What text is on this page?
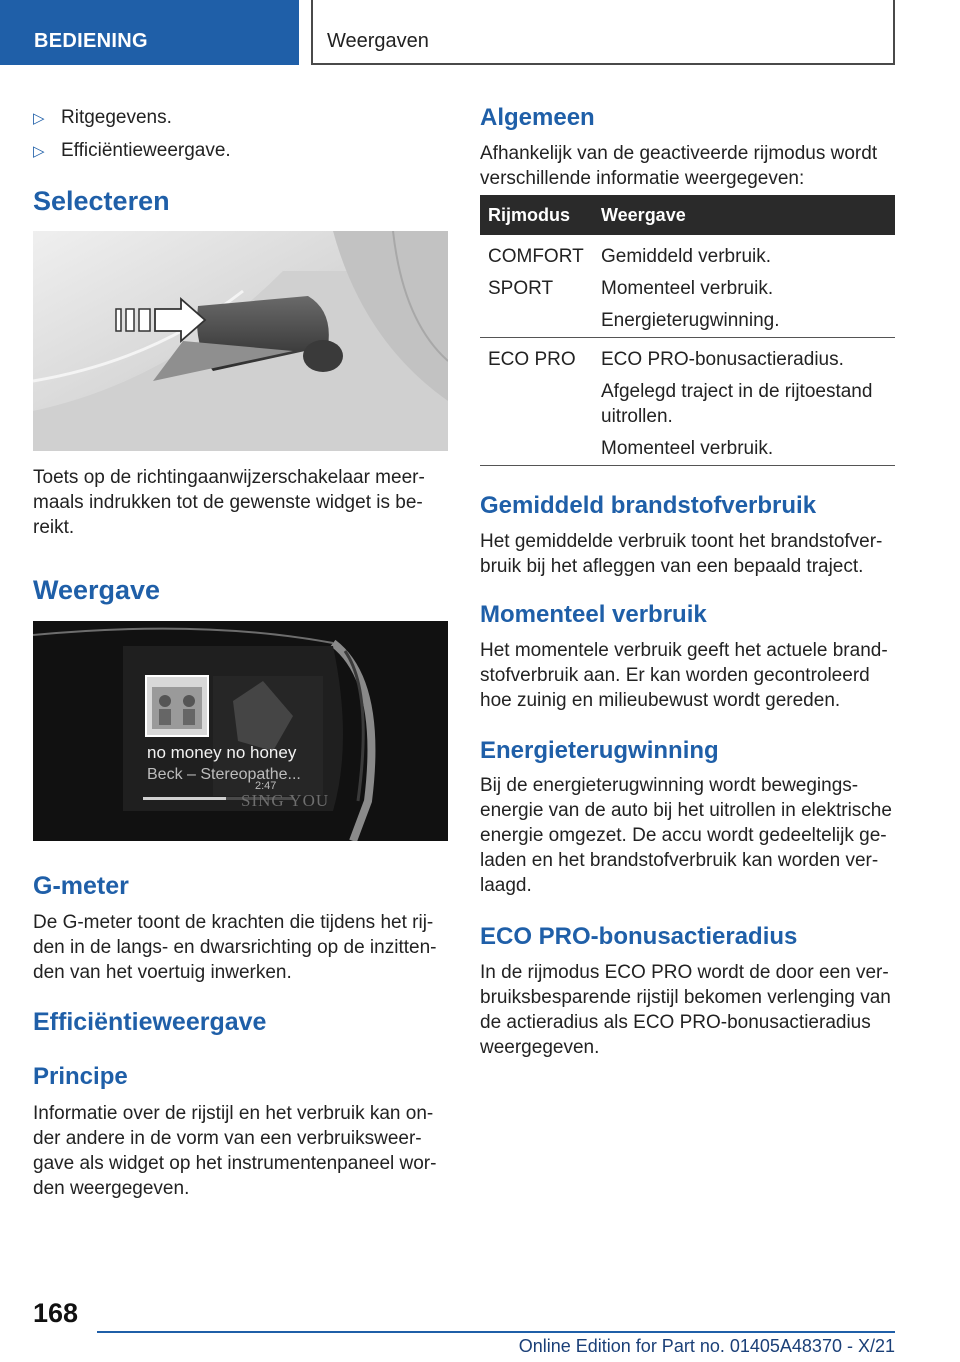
BEDIENING	Weergaven
▷ Ritgegevens.
▷ Efficiëntieweergave.
Selecteren
Toets op de richtingaanwijzerschakelaar meer-
maals indrukken tot de gewenste widget is be-
reikt.
Weergave
no money no honey
Beck – Stereopathe...
2:47
SING YOU
G-meter
De G-meter toont de krachten die tijdens het rij-
den in de langs- en dwarsrichting op de inzitten-
den van het voertuig inwerken.
Efficiëntieweergave
Principe
Informatie over de rijstijl en het verbruik kan on-
der andere in de vorm van een verbruiksweer-
gave als widget op het instrumentenpaneel wor-
den weergegeven.
Algemeen
Afhankelijk van de geactiveerde rijmodus wordt
verschillende informatie weergegeven:
Rijmodus Weergave

COMFORT

SPORT

Gemiddeld verbruik.

Momenteel verbruik.

Energieterugwinning.

ECO PRO ECO PRO-bonusactieradius.

Afgelegd traject in de rijtoestand uitrollen.

Momenteel verbruik.

Gemiddeld brandstofverbruik
Het gemiddelde verbruik toont het brandstofver-
bruik bij het afleggen van een bepaald traject.
Momenteel verbruik
Het momentele verbruik geeft het actuele brand-
stofverbruik aan. Er kan worden gecontroleerd
hoe zuinig en milieubewust wordt gereden.
Energieterugwinning
Bij de energieterugwinning wordt bewegings-
energie van de auto bij het uitrollen in elektrische
energie omgezet. De accu wordt gedeeltelijk ge-
laden en het brandstofverbruik kan worden ver-
laagd.
ECO PRO-bonusactieradius
In de rijmodus ECO PRO wordt de door een ver-
bruiksbesparende rijstijl bekomen verlenging van
de actieradius als ECO PRO-bonusactieradius
weergegeven.
168
Online Edition for Part no. 01405A48370 - X/21
